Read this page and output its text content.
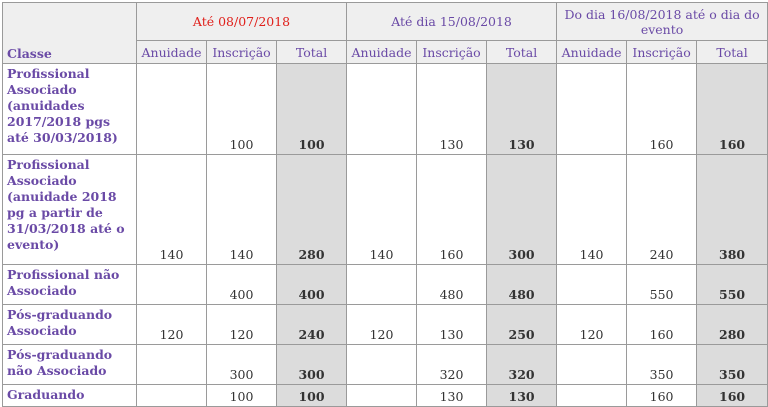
Classe	Até 08/07/2018			Até dia 15/08/2018			Do dia 16/08/2018 até o dia do evento		
	Anuidade	Inscrição	Total	Anuidade	Inscrição	Total	Anuidade	Inscrição	Total
Profissional Associado (anuidades 2017/2018 pgs até 30/03/2018)		100	100		130	130		160	160
Profissional Associado (anuidade 2018 pg a partir de 31/03/2018 até o evento)	140	140	280	140	160	300	140	240	380
Profissional não Associado		400	400		480	480		550	550
Pós-graduando Associado	120	120	240	120	130	250	120	160	280
Pós-graduando não Associado		300	300		320	320		350	350
Graduando		100	100		130	130		160	160
